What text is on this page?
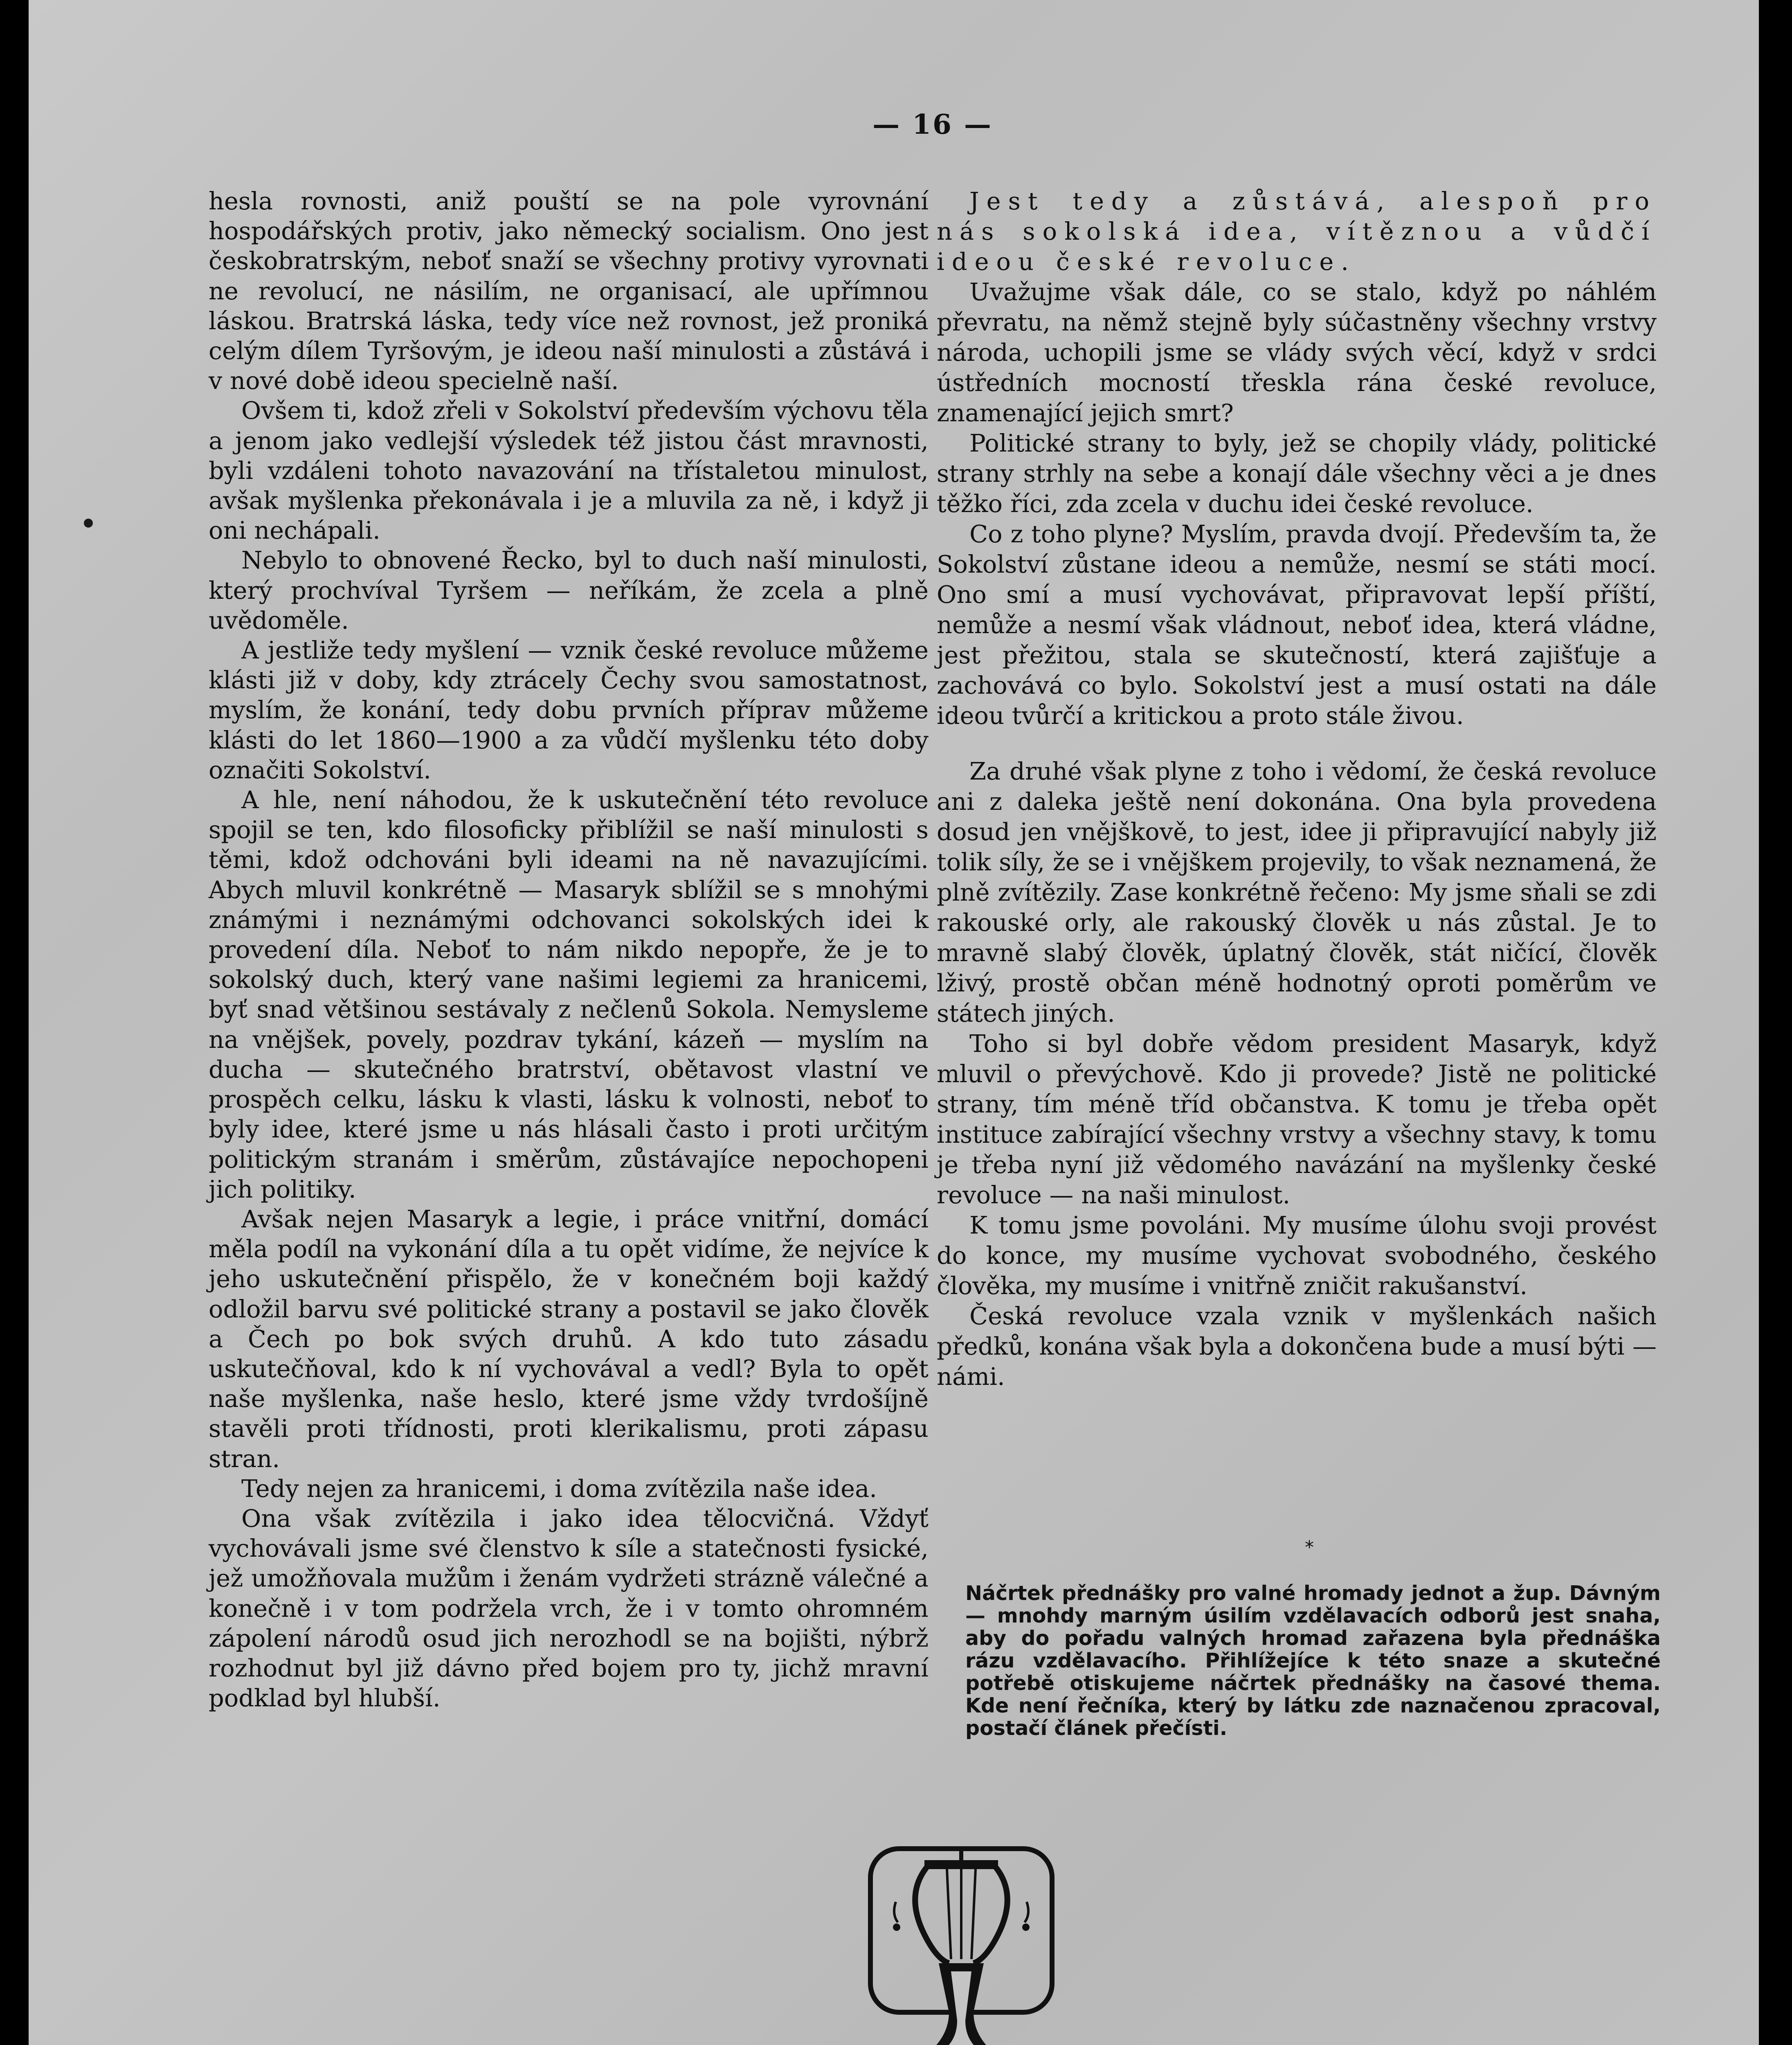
— 16 —

hesla rovnosti, aniž pouští se na pole vyrovnání hospodářských protiv, jako německý socialism. Ono jest českobratrským, neboť snaží se všechny protivy vyrovnati ne revolucí, ne násilím, ne organisací, ale upřímnou láskou. Bratrská láska, tedy více než rovnost, jež proniká celým dílem Tyršovým, je ideou naší minulosti a zůstává i v nové době ideou specielně naší.

Ovšem ti, kdož zřeli v Sokolství především výchovu těla a jenom jako vedlejší výsledek též jistou část mravnosti, byli vzdáleni tohoto navazování na třístaletou minulost, avšak myšlenka překonávala i je a mluvila za ně, i když ji oni nechápali.

Nebylo to obnovené Řecko, byl to duch naší minulosti, který prochvíval Tyršem — neříkám, že zcela a plně uvědoměle.

A jestliže tedy myšlení — vznik české revoluce můžeme klásti již v doby, kdy ztrácely Čechy svou samostatnost, myslím, že konání, tedy dobu prvních příprav můžeme klásti do let 1860—1900 a za vůdčí myšlenku této doby označiti Sokolství.

A hle, není náhodou, že k uskutečnění této revoluce spojil se ten, kdo filosoficky přiblížil se naší minulosti s těmi, kdož odchováni byli ideami na ně navazujícími. Abych mluvil konkrétně — Masaryk sblížil se s mnohými známými i neznámými odchovanci sokolských idei k provedení díla. Neboť to nám nikdo nepopře, že je to sokolský duch, který vane našimi legiemi za hranicemi, byť snad většinou sestávaly z nečlenů Sokola. Nemysleme na vnějšek, povely, pozdrav tykání, kázeň — myslím na ducha — skutečného bratrství, obětavost vlastní ve prospěch celku, lásku k vlasti, lásku k volnosti, neboť to byly idee, které jsme u nás hlásali často i proti určitým politickým stranám i směrům, zůstávajíce nepochopeni jich politiky.

Avšak nejen Masaryk a legie, i práce vnitřní, domácí měla podíl na vykonání díla a tu opět vidíme, že nejvíce k jeho uskutečnění přispělo, že v konečném boji každý odložil barvu své politické strany a postavil se jako člověk a Čech po bok svých druhů. A kdo tuto zásadu uskutečňoval, kdo k ní vychovával a vedl? Byla to opět naše myšlenka, naše heslo, které jsme vždy tvrdošíjně stavěli proti třídnosti, proti klerikalismu, proti zápasu stran.

Tedy nejen za hranicemi, i doma zvítězila naše idea.

Ona však zvítězila i jako idea tělocvičná. Vždyť vychovávali jsme své členstvo k síle a statečnosti fysické, jež umožňovala mužům i ženám vydržeti strázně válečné a konečně i v tom podržela vrch, že i v tomto ohromném zápolení národů osud jich nerozhodl se na bojišti, nýbrž rozhodnut byl již dávno před bojem pro ty, jichž mravní podklad byl hlubší.

Jest tedy a zůstává, alespoň pro nás sokolská idea, vítěznou a vůdčí ideou české revoluce.

Uvažujme však dále, co se stalo, když po náhlém převratu, na němž stejně byly súčastněny všechny vrstvy národa, uchopili jsme se vlády svých věcí, když v srdci ústředních mocností třeskla rána české revoluce, znamenající jejich smrt?

Politické strany to byly, jež se chopily vlády, politické strany strhly na sebe a konají dále všechny věci a je dnes těžko říci, zda zcela v duchu idei české revoluce.

Co z toho plyne? Myslím, pravda dvojí. Především ta, že Sokolství zůstane ideou a nemůže, nesmí se státi mocí. Ono smí a musí vychovávat, připravovat lepší příští, nemůže a nesmí však vládnout, neboť idea, která vládne, jest přežitou, stala se skutečností, která zajišťuje a zachovává co bylo. Sokolství jest a musí ostati na dále ideou tvůrčí a kritickou a proto stále živou.

Za druhé však plyne z toho i vědomí, že česká revoluce ani z daleka ještě není dokonána. Ona byla provedena dosud jen vnějškově, to jest, idee ji připravující nabyly již tolik síly, že se i vnějškem projevily, to však neznamená, že plně zvítězily. Zase konkrétně řečeno: My jsme sňali se zdi rakouské orly, ale rakouský člověk u nás zůstal. Je to mravně slabý člověk, úplatný člověk, stát ničící, člověk lživý, prostě občan méně hodnotný oproti poměrům ve státech jiných.

Toho si byl dobře vědom president Masaryk, když mluvil o převýchově. Kdo ji provede? Jistě ne politické strany, tím méně tříd občanstva. K tomu je třeba opět instituce zabírající všechny vrstvy a všechny stavy, k tomu je třeba nyní již vědomého navázání na myšlenky české revoluce — na naši minulost.

K tomu jsme povoláni. My musíme úlohu svoji provést do konce, my musíme vychovat svobodného, českého člověka, my musíme i vnitřně zničit rakušanství.

Česká revoluce vzala vznik v myšlenkách našich předků, konána však byla a dokončena bude a musí býti — námi.

*

Náčrtek přednášky pro valné hromady jednot a žup. Dávným — mnohdy marným úsilím vzdělavacích odborů jest snaha, aby do pořadu valných hromad zařazena byla přednáška rázu vzdělavacího. Přihlížejíce k této snaze a skutečné potřebě otiskujeme náčrtek přednášky na časové thema. Kde není řečníka, který by látku zde naznačenou zpracoval, postačí článek přečísti.
